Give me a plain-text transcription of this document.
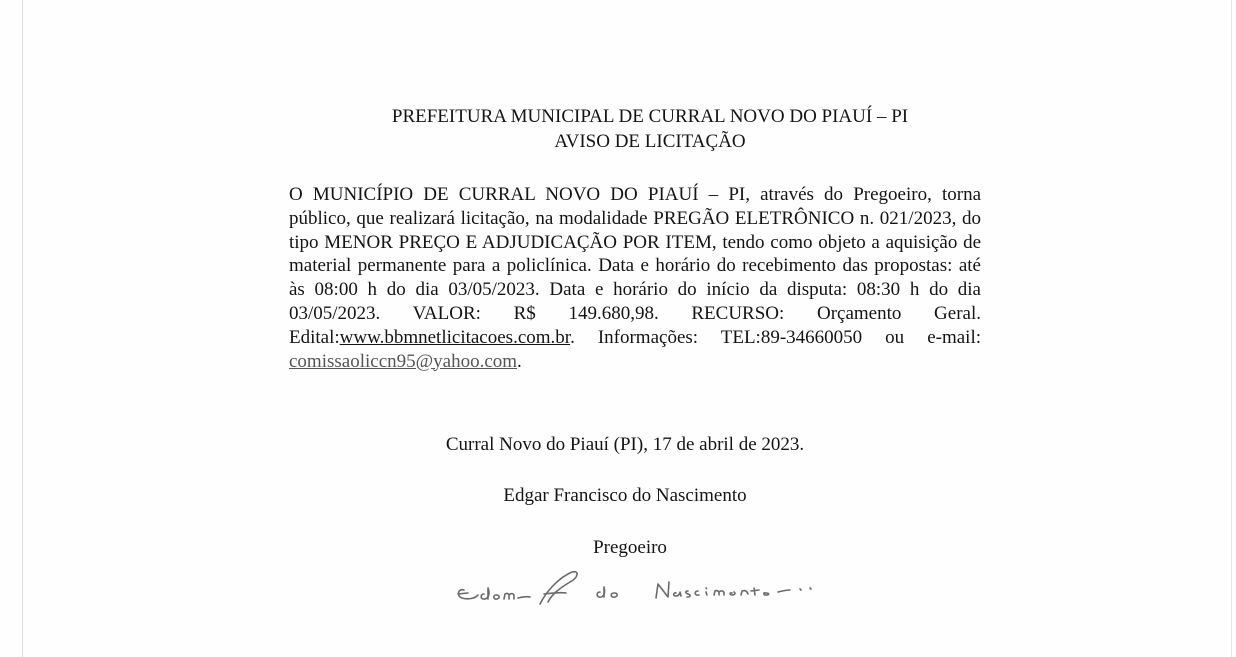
PREFEITURA MUNICIPAL DE CURRAL NOVO DO PIAUÍ – PI
AVISO DE LICITAÇÃO
O MUNICÍPIO DE CURRAL NOVO DO PIAUÍ – PI, através do Pregoeiro, torna público, que realizará licitação, na modalidade PREGÃO ELETRÔNICO n. 021/2023, do tipo MENOR PREÇO E ADJUDICAÇÃO POR ITEM, tendo como objeto a aquisição de material permanente para a policlínica. Data e horário do recebimento das propostas: até às 08:00 h do dia 03/05/2023. Data e horário do início da disputa: 08:30 h do dia 03/05/2023. VALOR: R$ 149.680,98. RECURSO: Orçamento Geral. Edital:www.bbmnetlicitacoes.com.br. Informações: TEL:89-34660050 ou e-mail: comissaoliccn95@yahoo.com.
Curral Novo do Piauí (PI), 17 de abril de 2023.
Edgar Francisco do Nascimento
Pregoeiro
